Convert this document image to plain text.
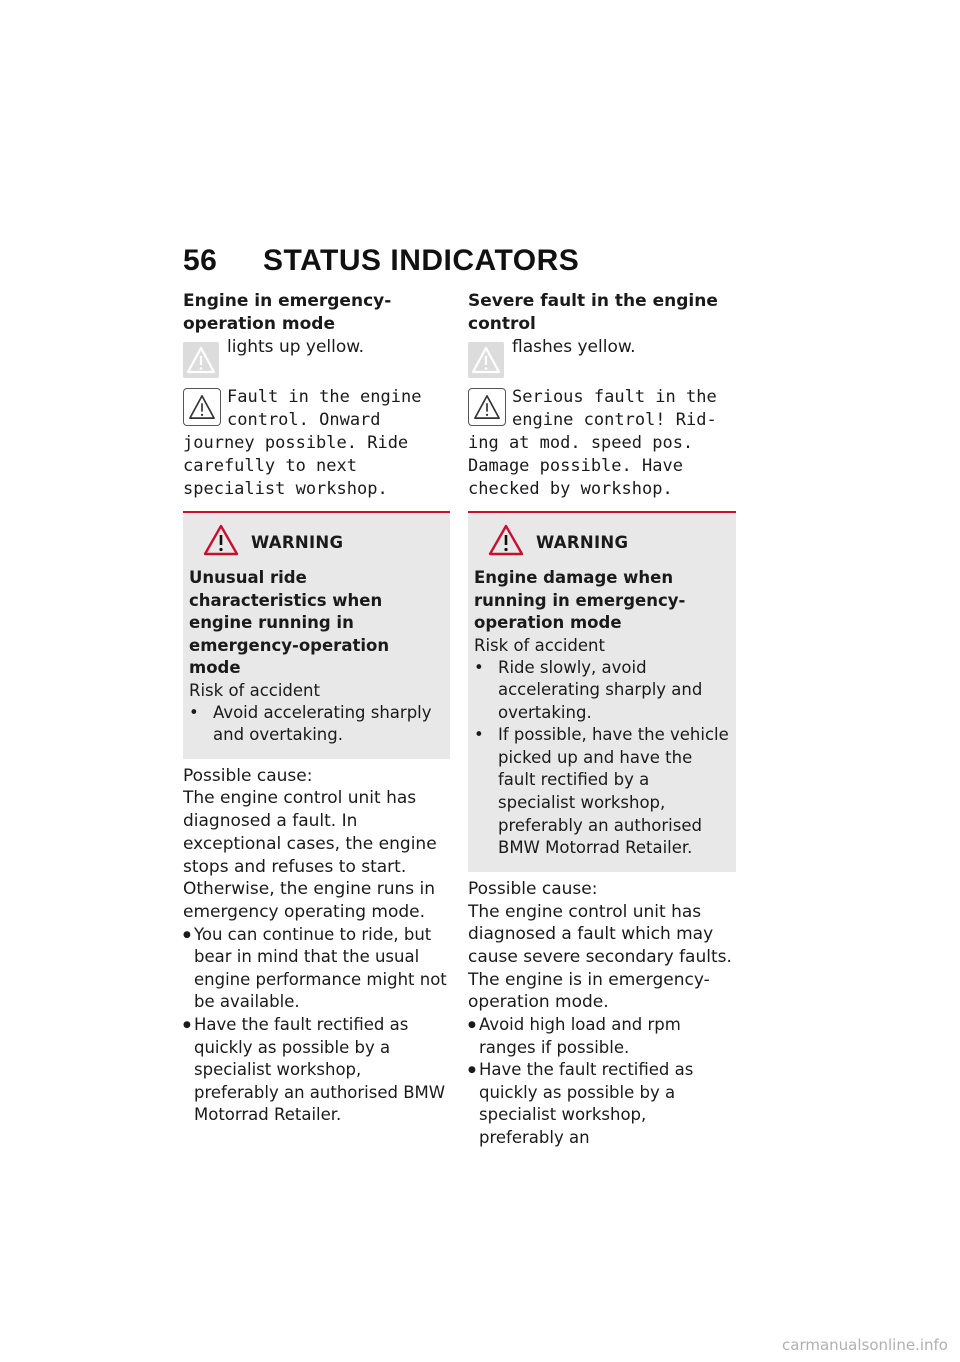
56 STATUS INDICATORS
Engine in emergency-operation mode
lights up yellow.
Fault in the engine control. Onward journey possible. Ride carefully to next specialist workshop.
WARNING
Unusual ride characteristics when engine running in emergency-operation mode
Risk of accident
• Avoid accelerating sharply and overtaking.

Possible cause:

The engine control unit has diagnosed a fault. In exceptional cases, the engine stops and refuses to start. Otherwise, the engine runs in emergency operating mode.

● You can continue to ride, but bear in mind that the usual engine performance might not be available.
● Have the fault rectified as quickly as possible by a specialist workshop, preferably an authorised BMW Motorrad Retailer.
Severe fault in the engine control
flashes yellow.
Serious fault in the engine control! Rid- ing at mod. speed pos. Damage possible. Have checked by workshop.
WARNING
Engine damage when running in emergency-operation mode
Risk of accident
• Ride slowly, avoid accelerating sharply and overtaking.
• If possible, have the vehicle picked up and have the fault rectified by a specialist workshop, preferably an authorised BMW Motorrad Retailer.

Possible cause:

The engine control unit has diagnosed a fault which may cause severe secondary faults. The engine is in emergency-operation mode.

● Avoid high load and rpm ranges if possible.
● Have the fault rectified as quickly as possible by a specialist workshop, preferably an
carmanualsonline.info
